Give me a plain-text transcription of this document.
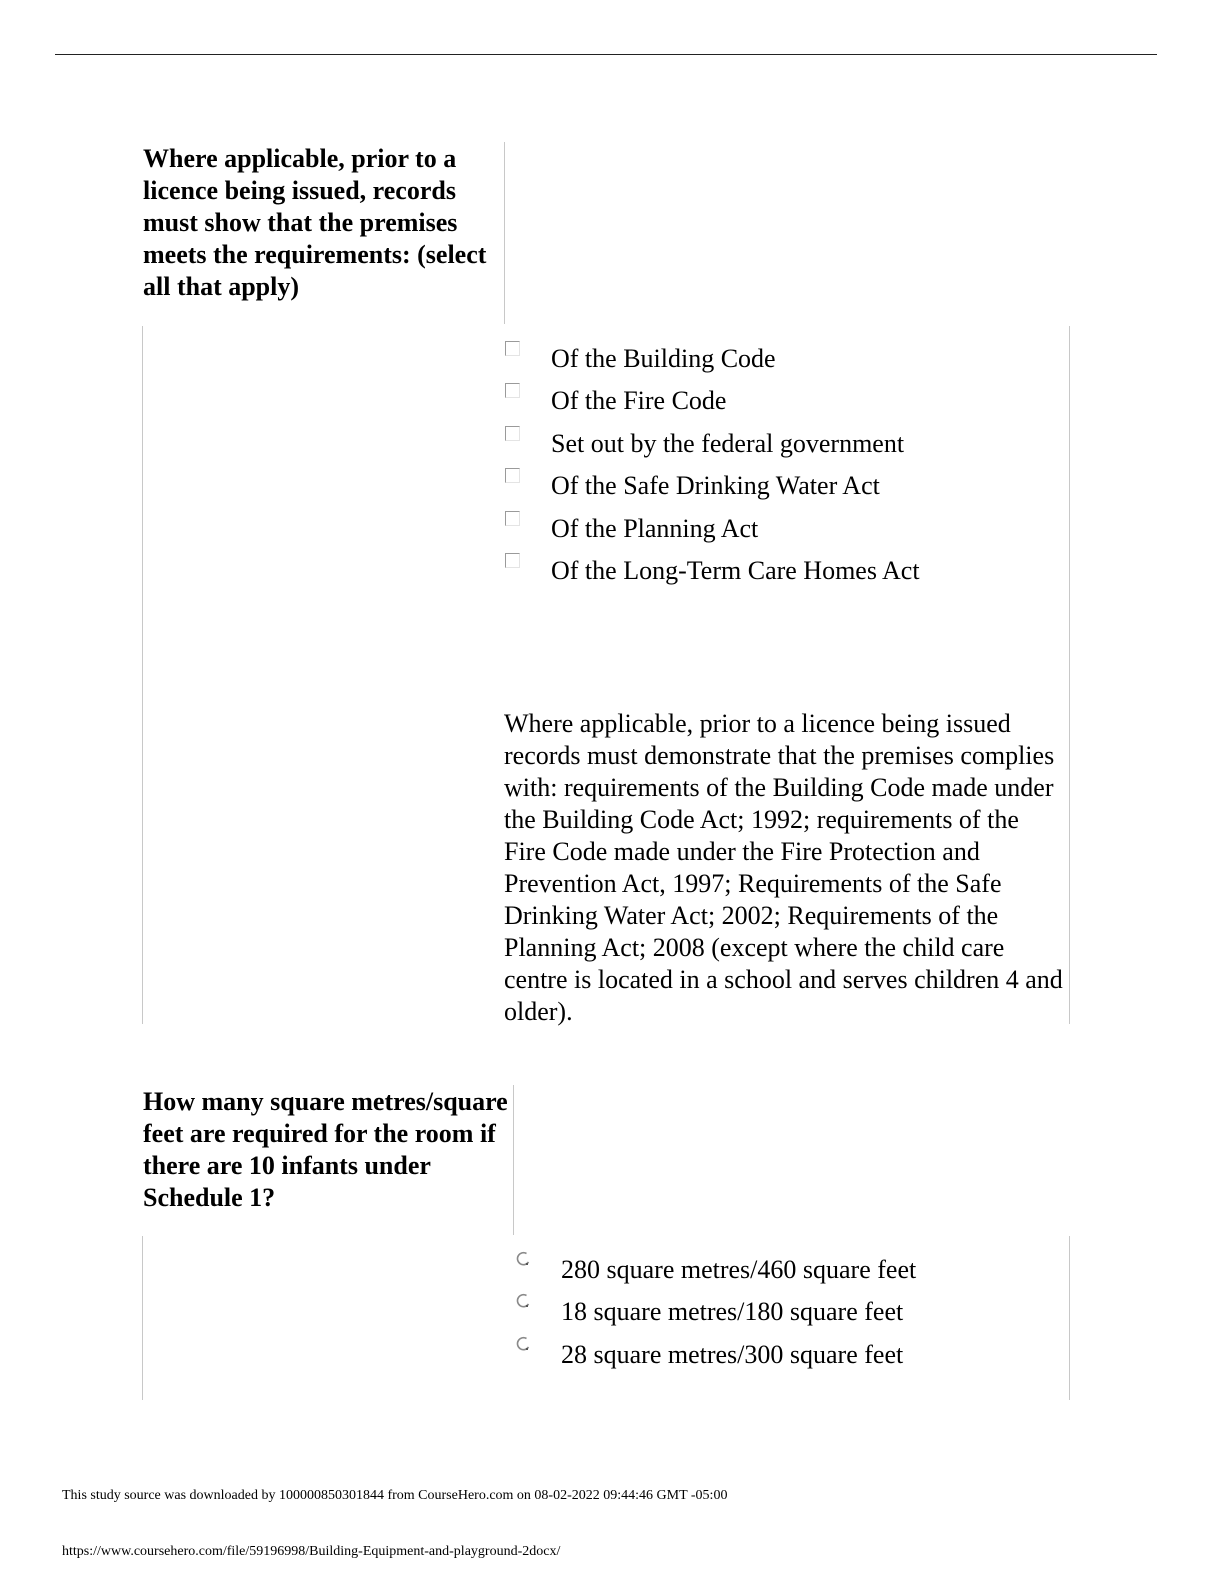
Where applicable, prior to a licence being issued, records must show that the premises meets the requirements: (select all that apply)
Of the Building Code
Of the Fire Code
Set out by the federal government
Of the Safe Drinking Water Act
Of the Planning Act
Of the Long-Term Care Homes Act
Where applicable, prior to a licence being issued records must demonstrate that the premises complies with: requirements of the Building Code made under the Building Code Act; 1992; requirements of the Fire Code made under the Fire Protection and Prevention Act, 1997; Requirements of the Safe Drinking Water Act; 2002; Requirements of the Planning Act; 2008 (except where the child care centre is located in a school and serves children 4 and older).
How many square metres/square feet are required for the room if there are 10 infants under Schedule 1?
280 square metres/460 square feet
18 square metres/180 square feet
28 square metres/300 square feet
This study source was downloaded by 100000850301844 from CourseHero.com on 08-02-2022 09:44:46 GMT -05:00
https://www.coursehero.com/file/59196998/Building-Equipment-and-playground-2docx/
